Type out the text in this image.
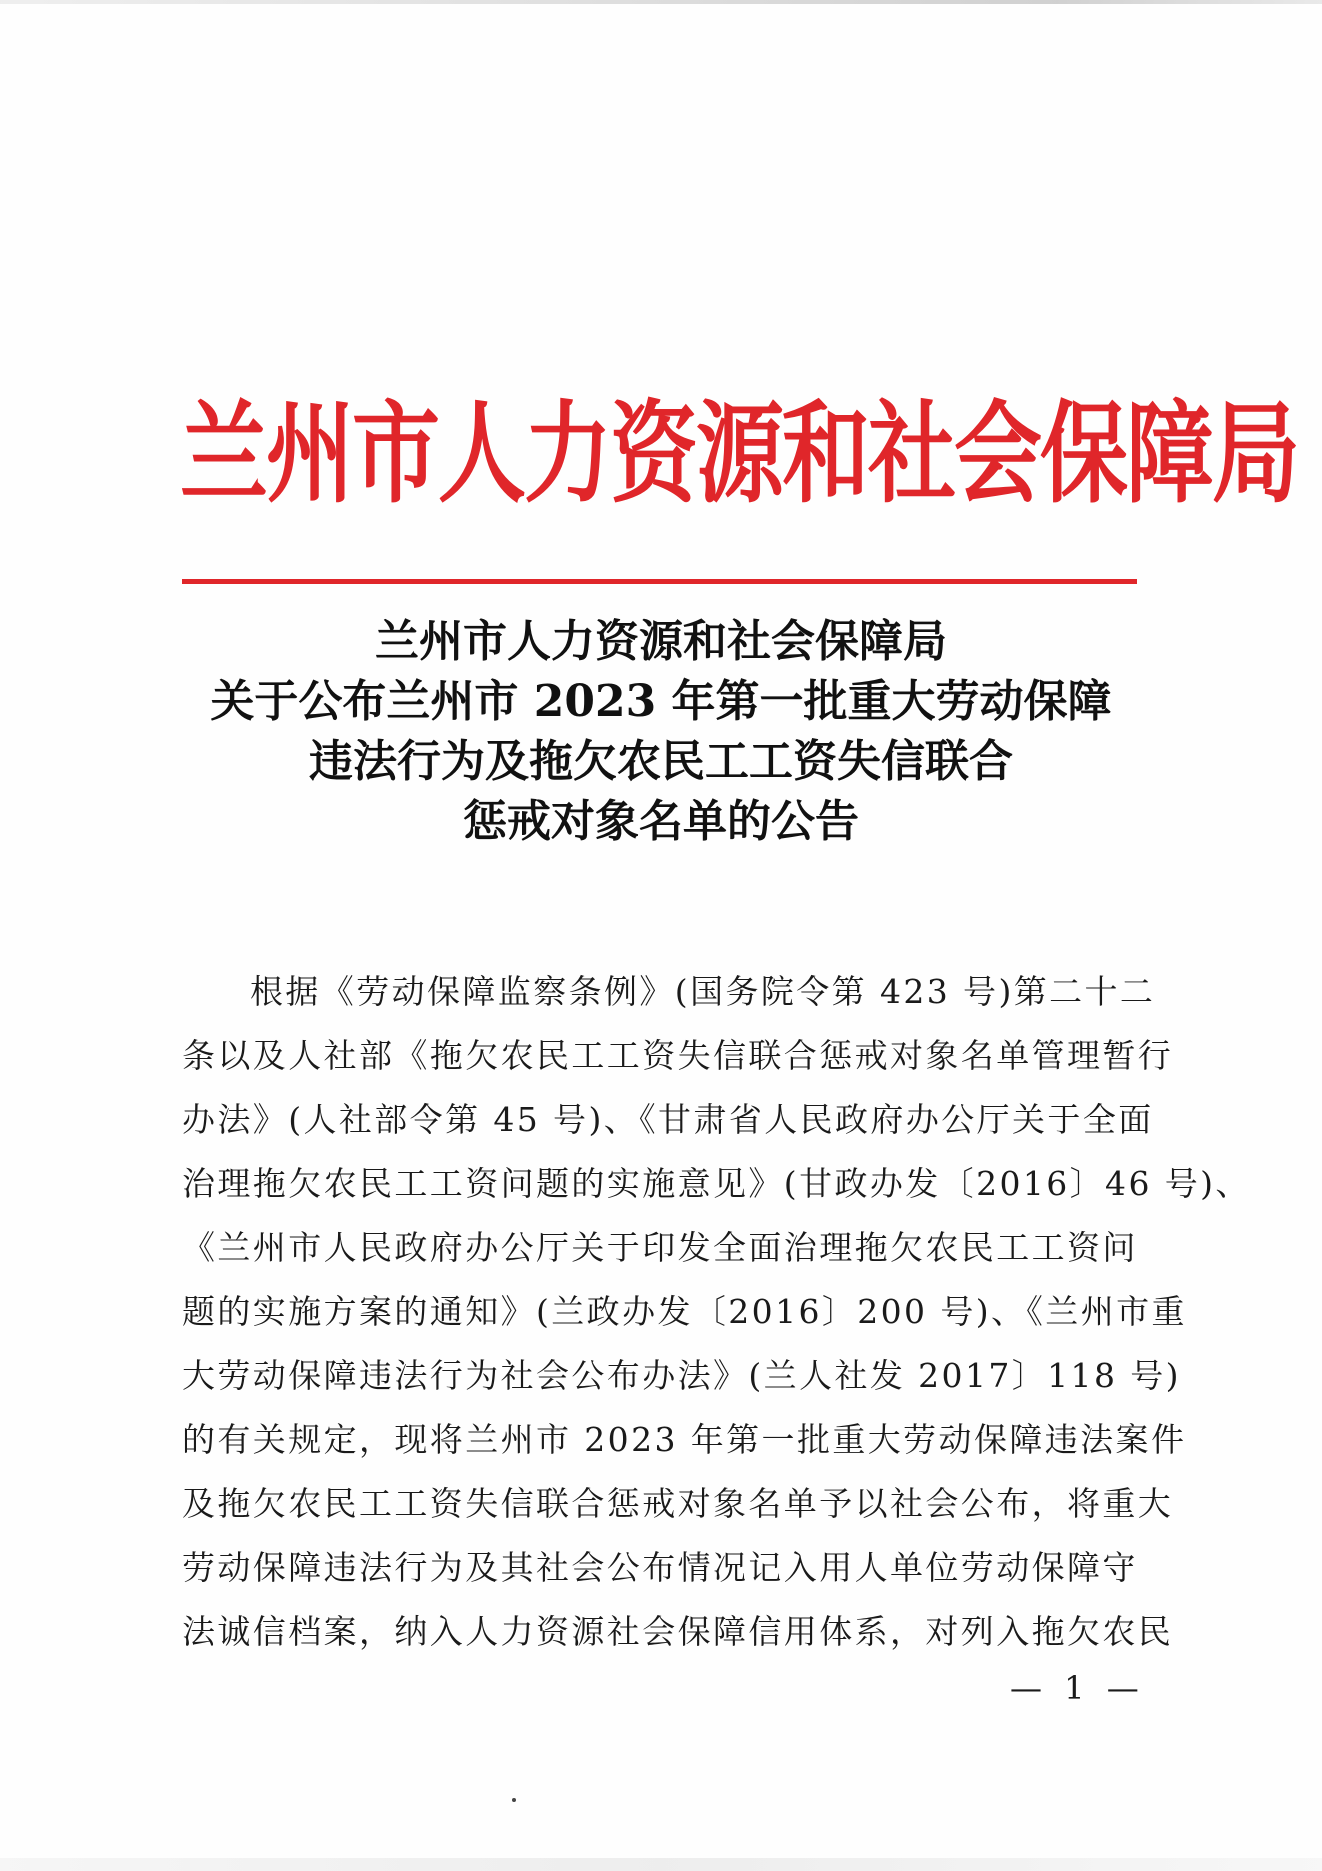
兰州市人力资源和社会保障局
兰州市人力资源和社会保障局
关于公布兰州市 2023 年第一批重大劳动保障
违法行为及拖欠农民工工资失信联合
惩戒对象名单的公告
根据《劳动保障监察条例》(国务院令第 423 号)第二十二
条以及人社部《拖欠农民工工资失信联合惩戒对象名单管理暂行
办法》(人社部令第 45 号)、《甘肃省人民政府办公厅关于全面
治理拖欠农民工工资问题的实施意见》(甘政办发〔2016〕46 号)、
《兰州市人民政府办公厅关于印发全面治理拖欠农民工工资问
题的实施方案的通知》(兰政办发〔2016〕200 号)、《兰州市重
大劳动保障违法行为社会公布办法》(兰人社发 2017〕118 号)
的有关规定，现将兰州市 2023 年第一批重大劳动保障违法案件
及拖欠农民工工资失信联合惩戒对象名单予以社会公布，将重大
劳动保障违法行为及其社会公布情况记入用人单位劳动保障守
法诚信档案，纳入人力资源社会保障信用体系，对列入拖欠农民
— 1 —
